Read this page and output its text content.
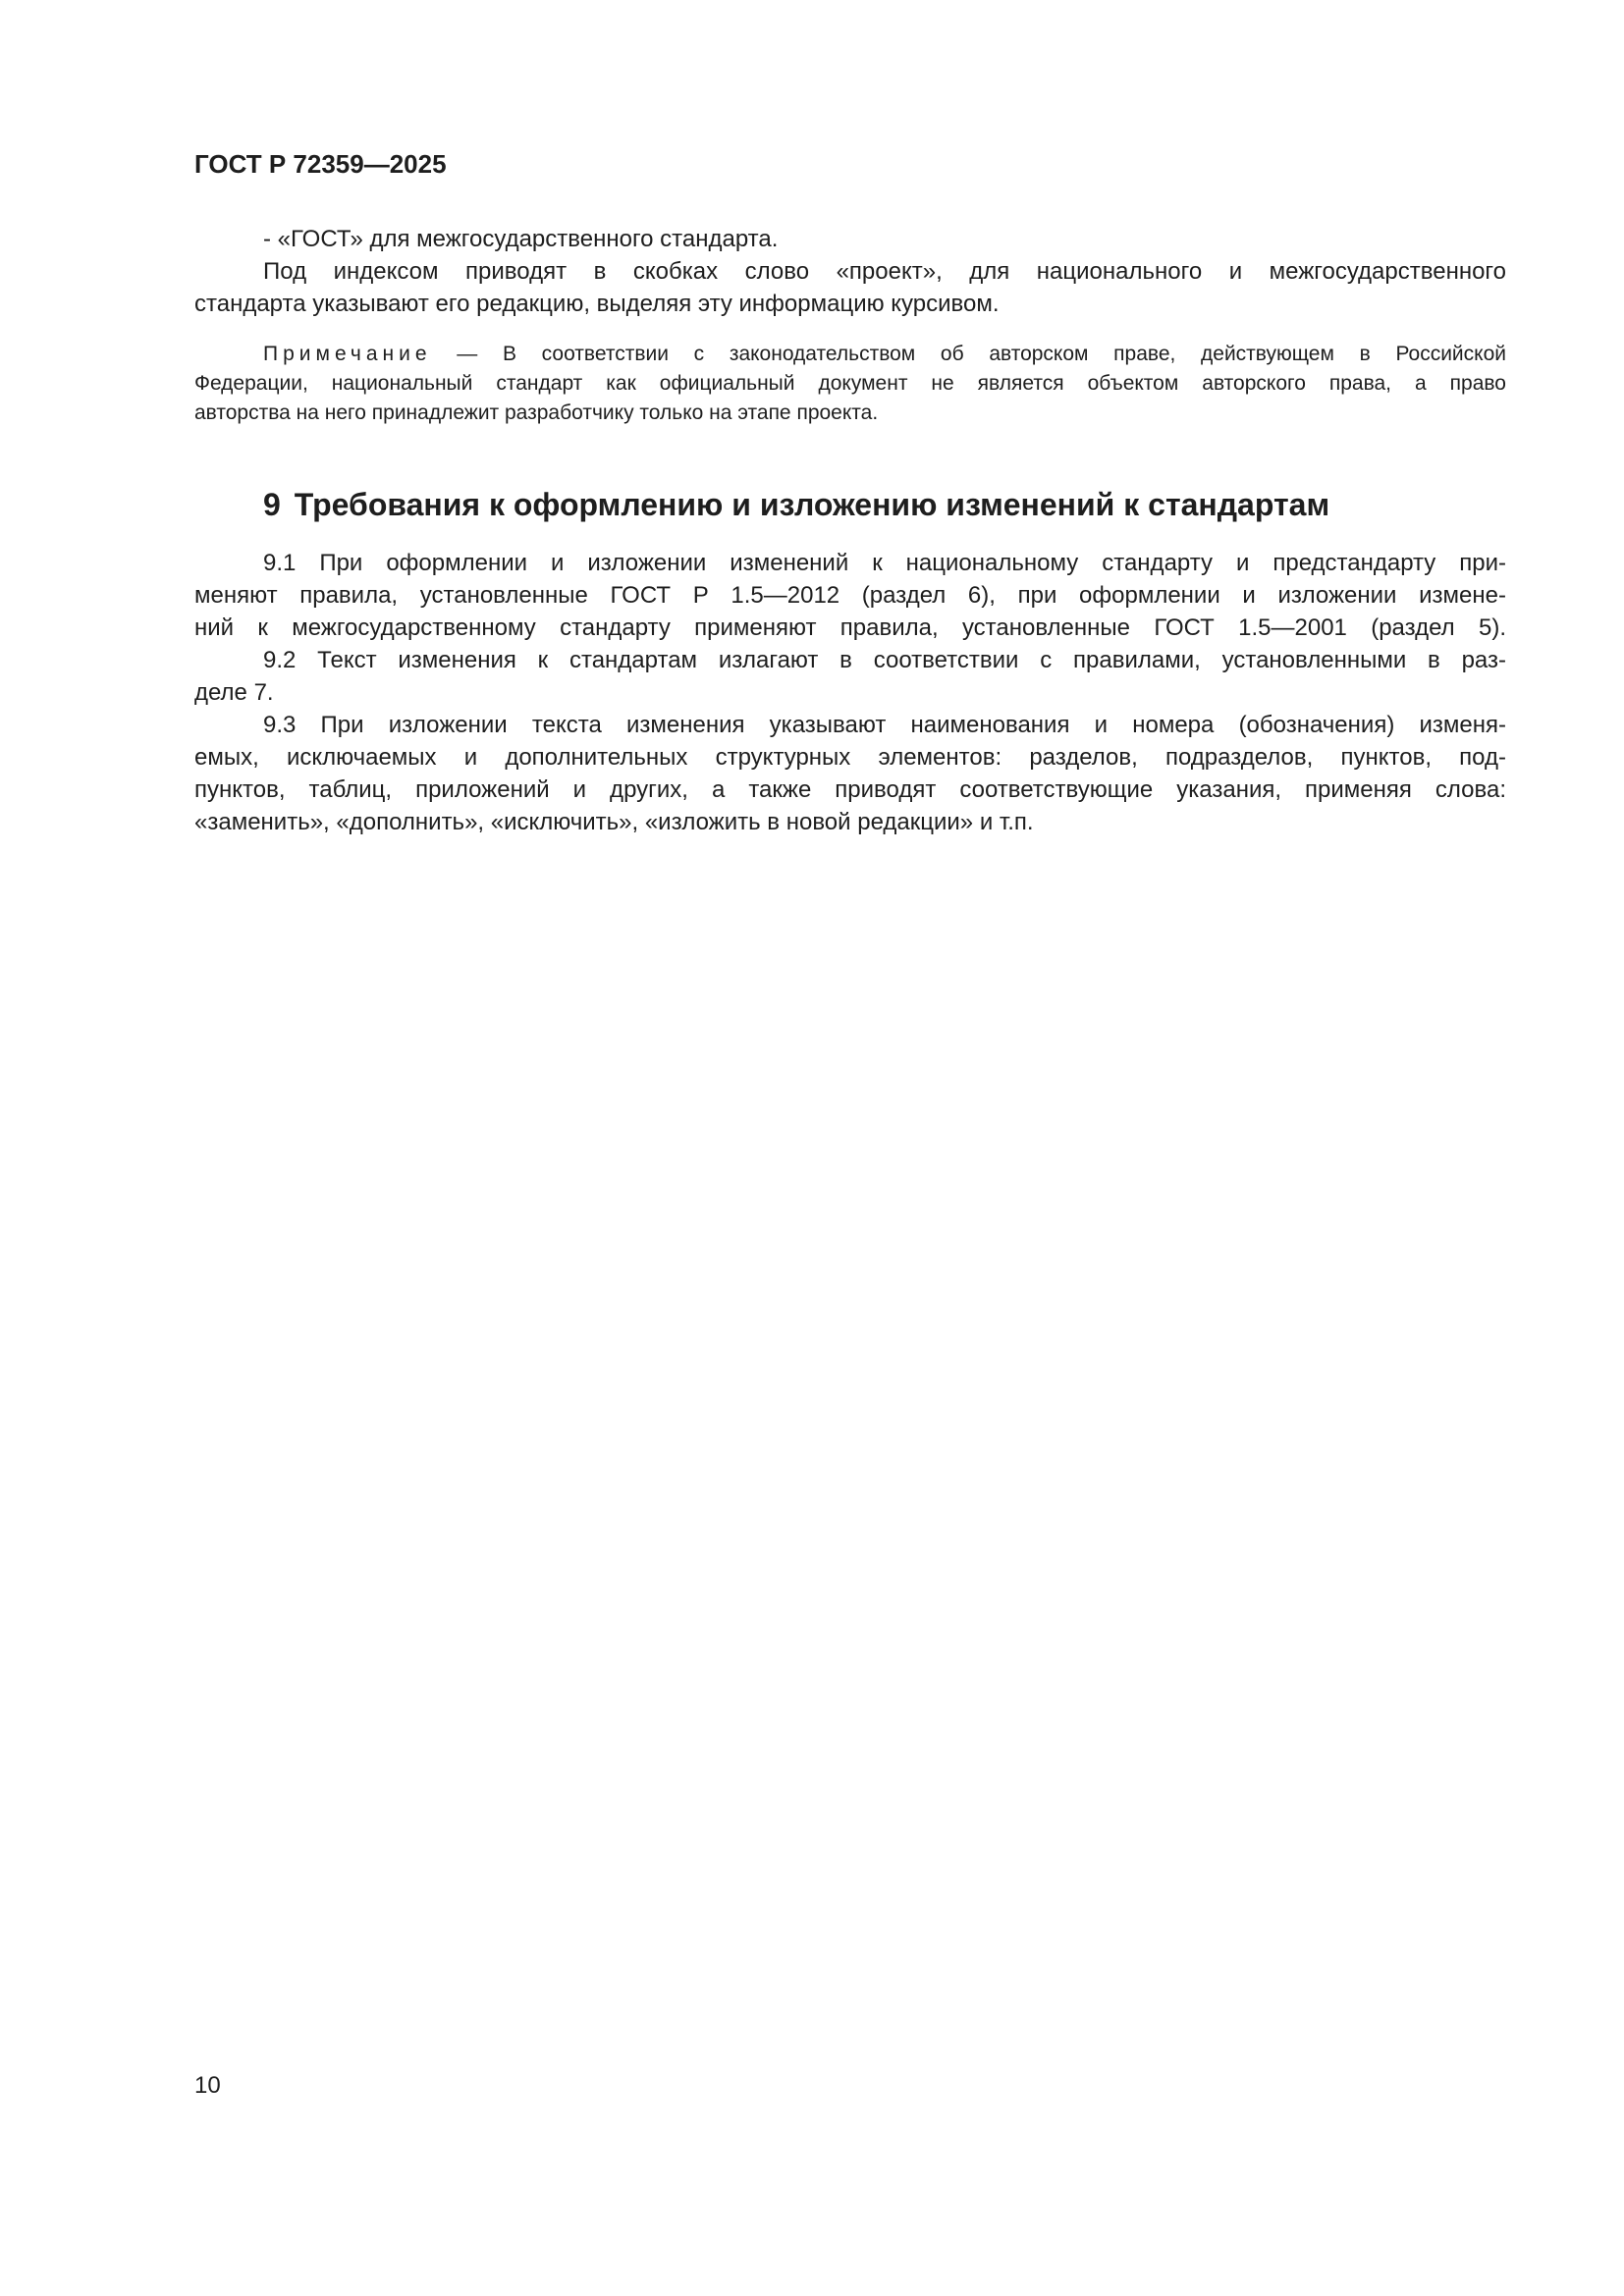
ГОСТ Р 72359—2025
- «ГОСТ» для межгосударственного стандарта.
Под индексом приводят в скобках слово «проект», для национального и межгосударственного
стандарта указывают его редакцию, выделяя эту информацию курсивом.
Примечание — В соответствии с законодательством об авторском праве, действующем в Российской
Федерации, национальный стандарт как официальный документ не является объектом авторского права, а право
авторства на него принадлежит разработчику только на этапе проекта.
9 Требования к оформлению и изложению изменений к стандартам
9.1 При оформлении и изложении изменений к национальному стандарту и предстандарту при-
меняют правила, установленные ГОСТ Р 1.5—2012 (раздел 6), при оформлении и изложении измене-
ний к межгосударственному стандарту применяют правила, установленные ГОСТ 1.5—2001 (раздел 5).
9.2 Текст изменения к стандартам излагают в соответствии с правилами, установленными в раз-
деле 7.
9.3 При изложении текста изменения указывают наименования и номера (обозначения) изменя-
емых, исключаемых и дополнительных структурных элементов: разделов, подразделов, пунктов, под-
пунктов, таблиц, приложений и других, а также приводят соответствующие указания, применяя слова:
«заменить», «дополнить», «исключить», «изложить в новой редакции» и т.п.
10
